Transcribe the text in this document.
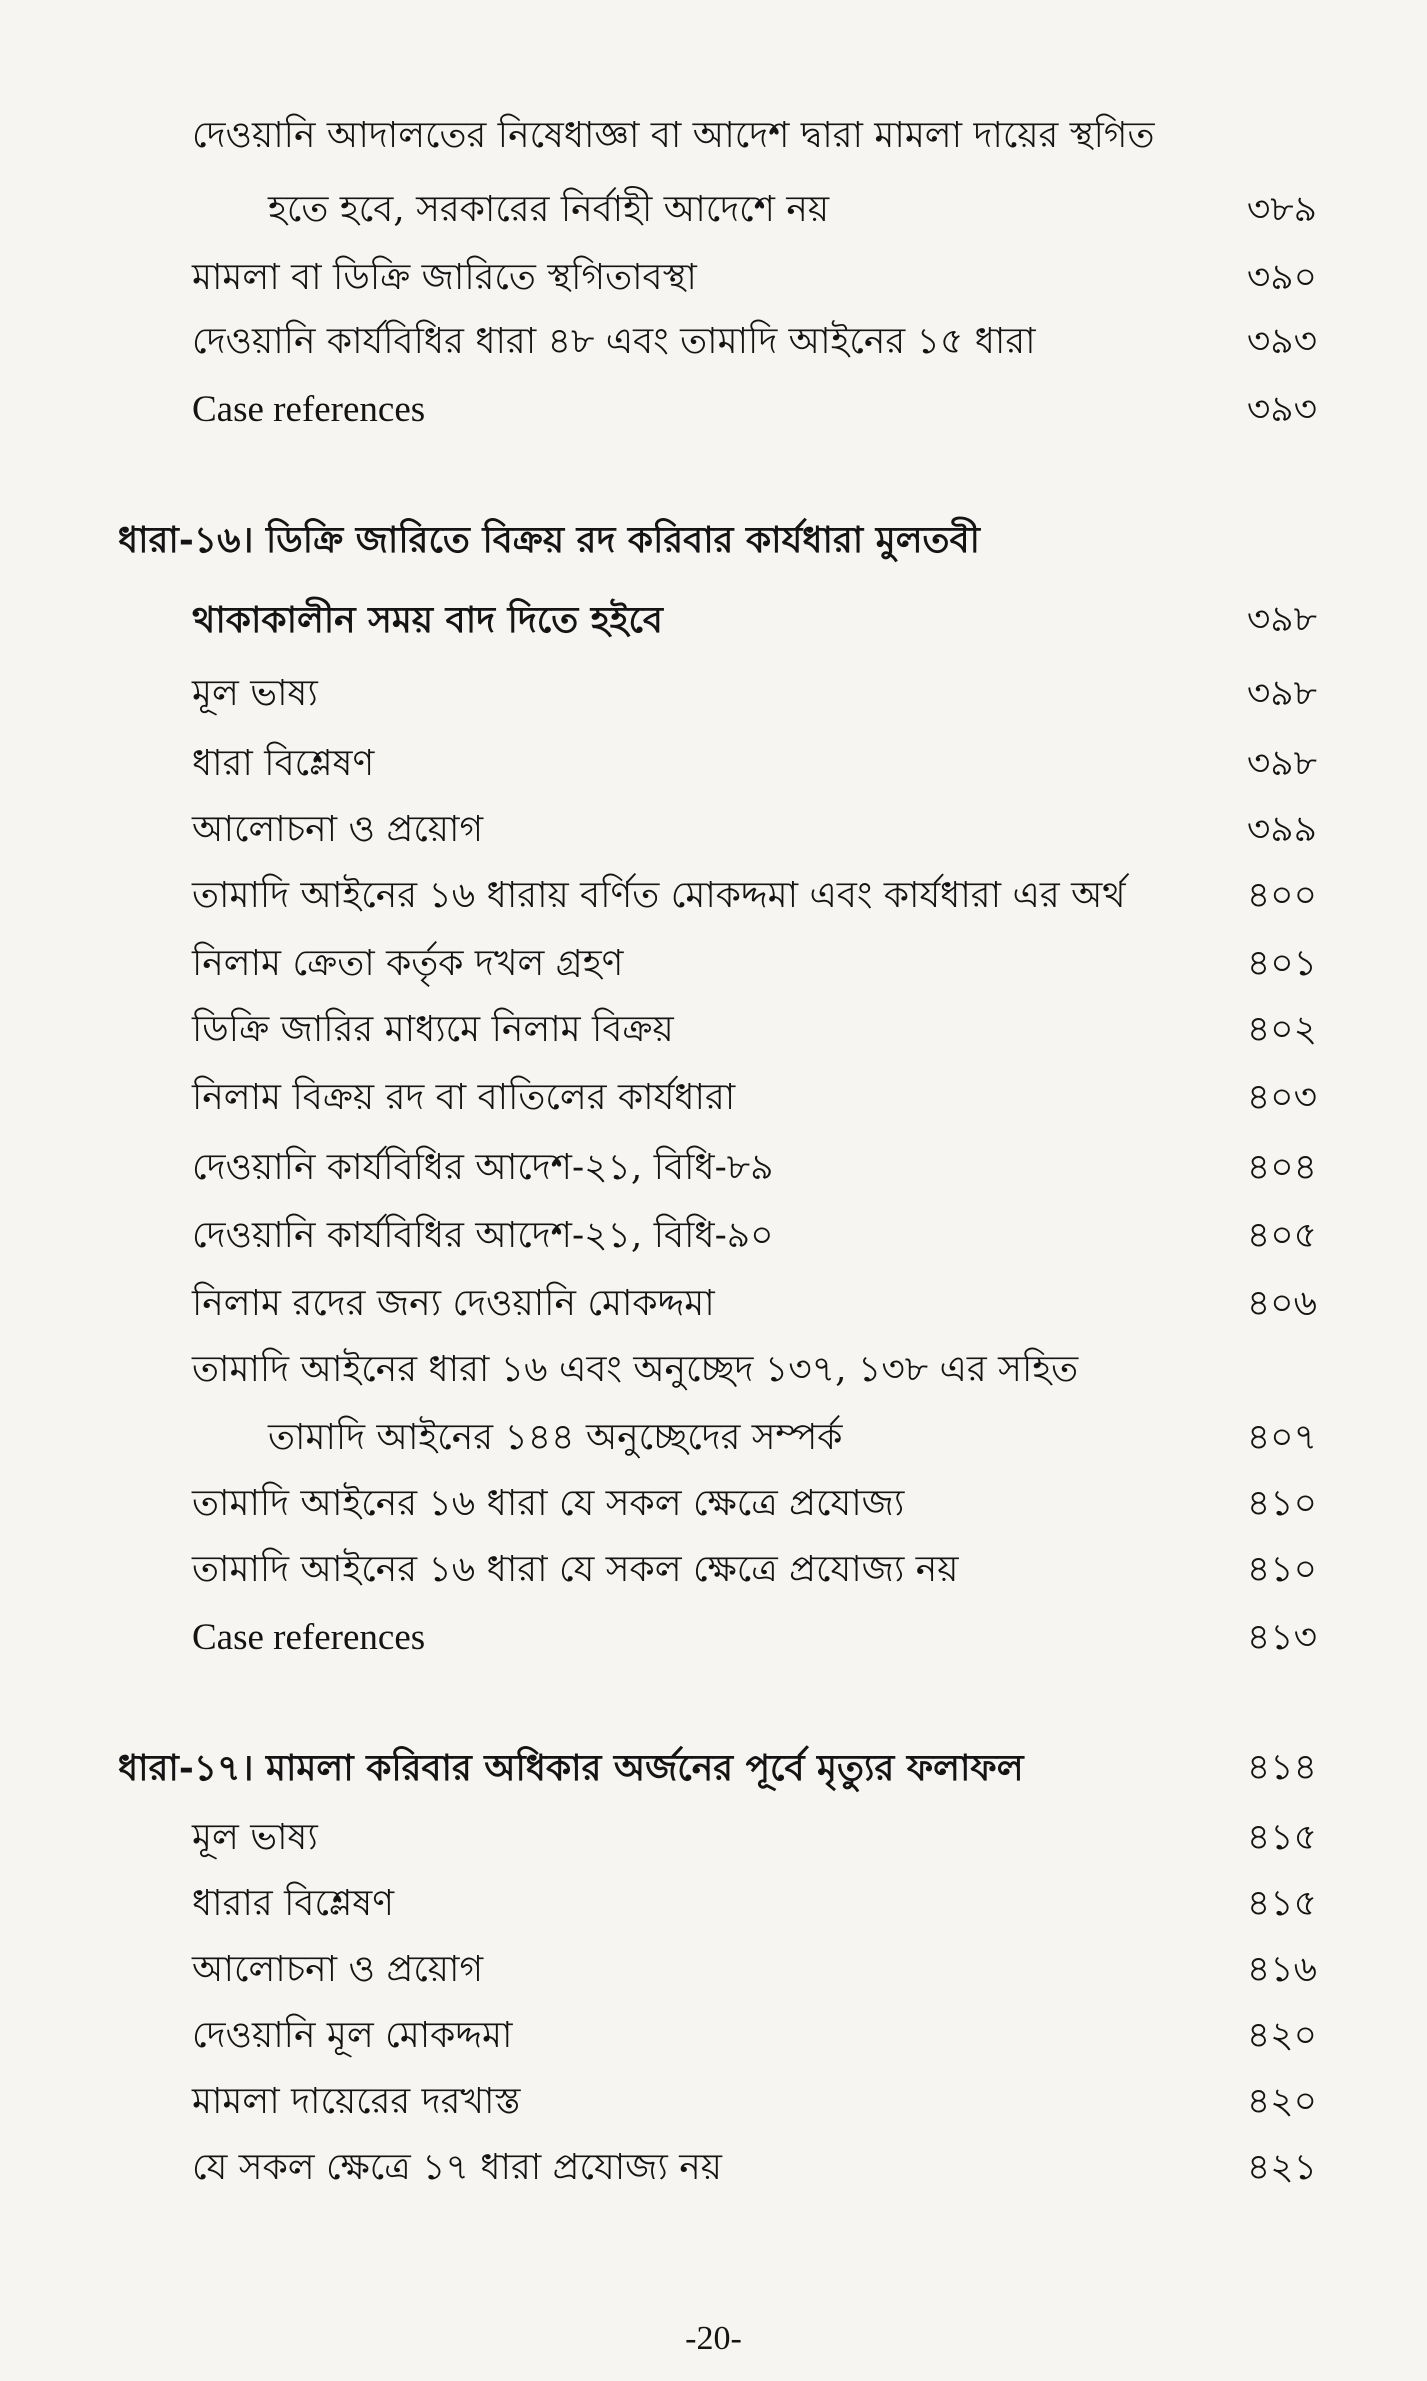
দেওয়ানি আদালতের নিষেধাজ্ঞা বা আদেশ দ্বারা মামলা দায়ের স্থগিত
হতে হবে, সরকারের নির্বাহী আদেশে নয়	৩৮৯
মামলা বা ডিক্রি জারিতে স্থগিতাবস্থা	৩৯০
দেওয়ানি কার্যবিধির ধারা ৪৮ এবং তামাদি আইনের ১৫ ধারা	৩৯৩
Case references	৩৯৩
ধারা-১৬। ডিক্রি জারিতে বিক্রয় রদ করিবার কার্যধারা মুলতবী
থাকাকালীন সময় বাদ দিতে হইবে	৩৯৮
মূল ভাষ্য	৩৯৮
ধারা বিশ্লেষণ	৩৯৮
আলোচনা ও প্রয়োগ	৩৯৯
তামাদি আইনের ১৬ ধারায় বর্ণিত মোকদ্দমা এবং কার্যধারা এর অর্থ	৪০০
নিলাম ক্রেতা কর্তৃক দখল গ্রহণ	৪০১
ডিক্রি জারির মাধ্যমে নিলাম বিক্রয়	৪০২
নিলাম বিক্রয় রদ বা বাতিলের কার্যধারা	৪০৩
দেওয়ানি কার্যবিধির আদেশ-২১, বিধি-৮৯	৪০৪
দেওয়ানি কার্যবিধির আদেশ-২১, বিধি-৯০	৪০৫
নিলাম রদের জন্য দেওয়ানি মোকদ্দমা	৪০৬
তামাদি আইনের ধারা ১৬ এবং অনুচ্ছেদ ১৩৭, ১৩৮ এর সহিত
তামাদি আইনের ১৪৪ অনুচ্ছেদের সম্পর্ক	৪০৭
তামাদি আইনের ১৬ ধারা যে সকল ক্ষেত্রে প্রযোজ্য	৪১০
তামাদি আইনের ১৬ ধারা যে সকল ক্ষেত্রে প্রযোজ্য নয়	৪১০
Case references	৪১৩
ধারা-১৭। মামলা করিবার অধিকার অর্জনের পূর্বে মৃত্যুর ফলাফল	৪১৪
মূল ভাষ্য	৪১৫
ধারার বিশ্লেষণ	৪১৫
আলোচনা ও প্রয়োগ	৪১৬
দেওয়ানি মূল মোকদ্দমা	৪২০
মামলা দায়েরের দরখাস্ত	৪২০
যে সকল ক্ষেত্রে ১৭ ধারা প্রযোজ্য নয়	৪২১
-20-
